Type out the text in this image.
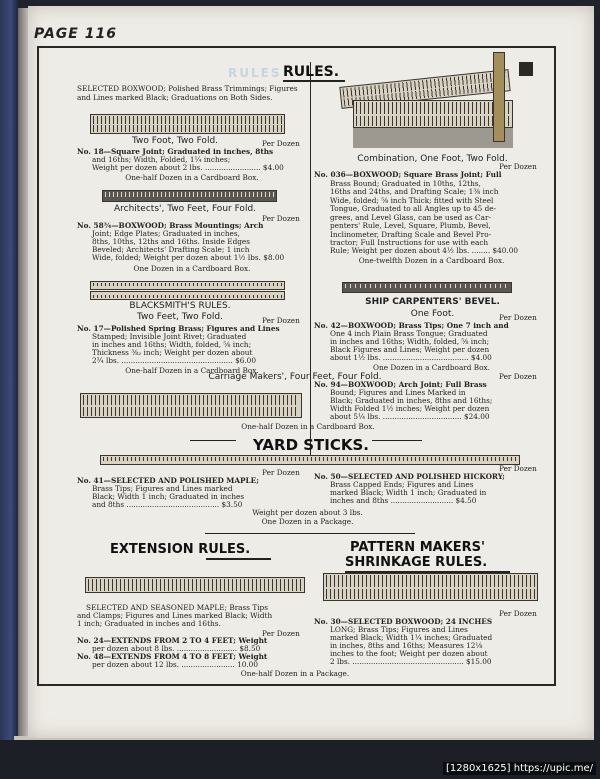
PAGE 116
RULES RULES.
SELECTED BOXWOOD; Polished Brass Trimmings; Figures and Lines marked Black; Graduations on Both Sides.
Two Foot, Two Fold.	Per Dozen
No. 18—Square Joint; Graduated in inches, 8ths
and 16ths; Width, Folded, 1¼ inches;
Weight per dozen about 2 lbs. ........................ $4.00
One-half Dozen in a Cardboard Box.
Architects', Two Feet, Four Fold.
Per Dozen
No. 58¾—BOXWOOD; Brass Mountings; Arch
Joint; Edge Plates; Graduated in inches,
8ths, 10ths, 12ths and 16ths. Inside Edges
Beveled; Architects' Drafting Scale; 1 inch
Wide, folded; Weight per dozen about 1½ lbs. $8.00
One Dozen in a Cardboard Box.
BLACKSMITH'S RULES.
Two Feet, Two Fold.	Per Dozen
No. 17—Polished Spring Brass; Figures and Lines
Stamped; Invisible Joint Rivet; Graduated
in inches and 16ths; Width, folded, ⅝ inch;
Thickness ⅜₂ inch; Weight per dozen about
2¾ lbs. ................................................ $6.00
One-half Dozen in a Cardboard Box.
Combination, One Foot, Two Fold.
Per Dozen
No. 036—BOXWOOD; Square Brass Joint; Full
Brass Bound; Graduated in 10ths, 12ths,
16ths and 24ths, and Drafting Scale; 1⅜ inch
Wide, folded; ⅝ inch Thick; fitted with Steel
Tongue, Graduated to all Angles up to 45 de-
grees, and Level Glass, can be used as Car-
penters' Rule, Level, Square, Plumb, Bevel,
Inclinometer, Drafting Scale and Bevel Pro-
tractor; Full Instructions for use with each
Rule; Weight per dozen about 4½ lbs. ........ $40.00
One-twelfth Dozen in a Cardboard Box.
SHIP CARPENTERS' BEVEL.
One Foot.	Per Dozen
No. 42—BOXWOOD; Brass Tips; One 7 inch and
One 4 inch Plain Brass Tongue; Graduated
in inches and 16ths; Width, folded, ⅝ inch;
Black Figures and Lines; Weight per dozen
about 1½ lbs. ..................................... $4.00
One Dozen in a Cardboard Box.
Carriage Makers', Four Feet, Four Fold.	Per Dozen
No. 94—BOXWOOD; Arch Joint; Full Brass
Bound; Figures and Lines Marked in
Black; Graduated in inches, 8ths and 16ths;
Width Folded 1½ inches; Weight per dozen
about 5¼ lbs. .................................. $24.00
One-half Dozen in a Cardboard Box.
YARD STICKS.
Per Dozen
No. 41—SELECTED AND POLISHED MAPLE;
Brass Tips; Figures and Lines marked
Black; Width 1 inch; Graduated in inches
and 8ths ........................................ $3.50
Per Dozen
No. 50—SELECTED AND POLISHED HICKORY;
Brass Capped Ends; Figures and Lines
marked Black; Width 1 inch; Graduated in
inches and 8ths ........................... $4.50
Weight per dozen about 3 lbs.
One Dozen in a Package.
EXTENSION RULES.
SELECTED AND SEASONED MAPLE; Brass Tips
and Clamps; Figures and Lines marked Black; Width
1 inch; Graduated in inches and 16ths.
Per Dozen
No. 24—EXTENDS FROM 2 TO 4 FEET; Weight
per dozen about 8 lbs. .......................... $8.50
No. 48—EXTENDS FROM 4 TO 8 FEET; Weight
per dozen about 12 lbs. ....................... 10.00
PATTERN MAKERS'
SHRINKAGE RULES.
Per Dozen
No. 30—SELECTED BOXWOOD; 24 INCHES
LONG; Brass Tips; Figures and Lines
marked Black; Width 1¼ inches; Graduated
in inches, 8ths and 16ths; Measures 12⅛
inches to the foot; Weight per dozen about
2 lbs. ................................................ $15.00
One-half Dozen in a Package.
[1280x1625] https://upic.me/
